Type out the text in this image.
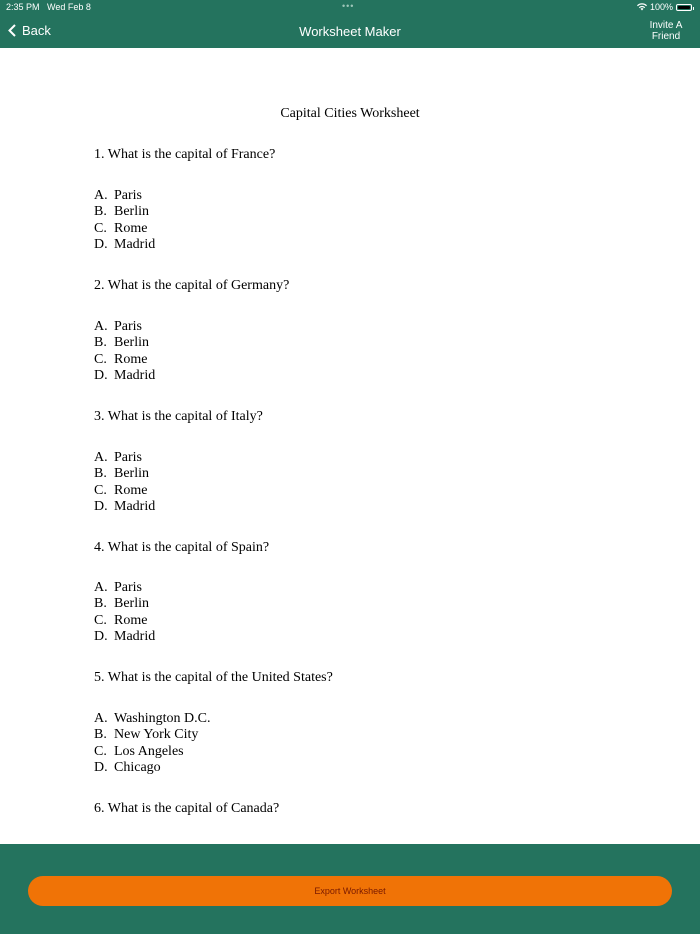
2:35 PM Wed Feb 8	•••	100%
Back	Worksheet Maker	Invite A
Friend
Capital Cities Worksheet
1. What is the capital of France?
A. Paris
B. Berlin
C. Rome
D. Madrid
2. What is the capital of Germany?
A. Paris
B. Berlin
C. Rome
D. Madrid
3. What is the capital of Italy?
A. Paris
B. Berlin
C. Rome
D. Madrid
4. What is the capital of Spain?
A. Paris
B. Berlin
C. Rome
D. Madrid
5. What is the capital of the United States?
A. Washington D.C.
B. New York City
C. Los Angeles
D. Chicago
6. What is the capital of Canada?
Export Worksheet
